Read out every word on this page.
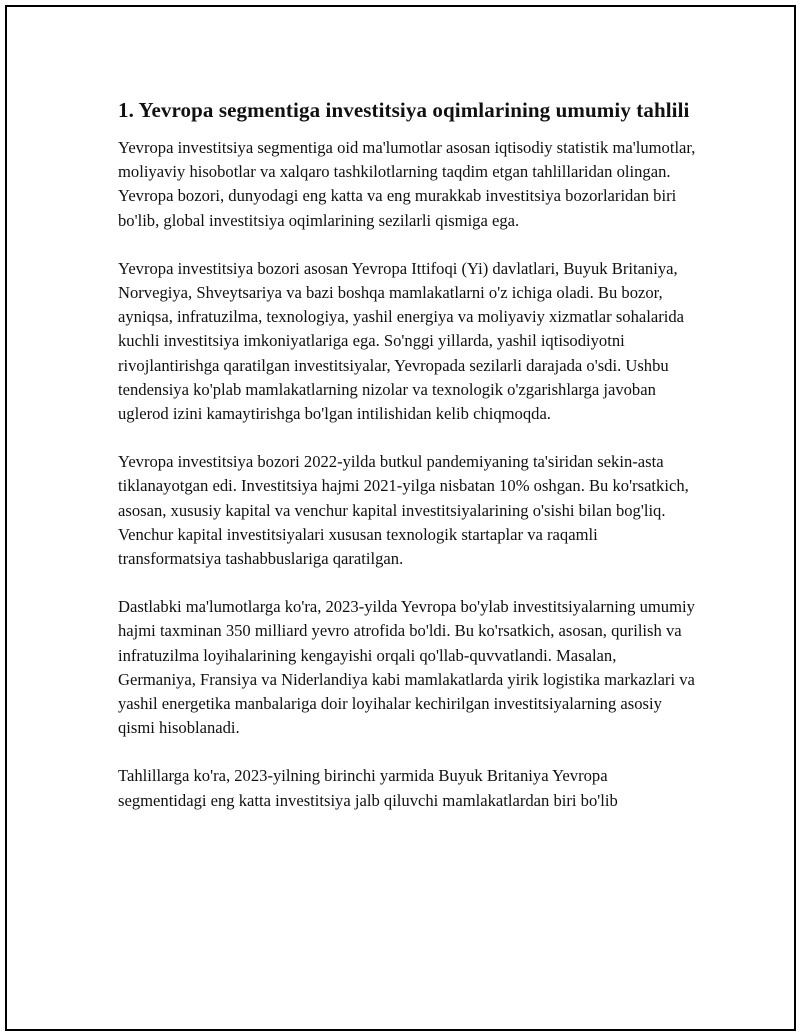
1. Yevropa segmentiga investitsiya oqimlarining umumiy tahlili

Yevropa investitsiya segmentiga oid ma'lumotlar asosan iqtisodiy statistik ma'lumotlar, moliyaviy hisobotlar va xalqaro tashkilotlarning taqdim etgan tahlillaridan olingan. Yevropa bozori, dunyodagi eng katta va eng murakkab investitsiya bozorlaridan biri bo'lib, global investitsiya oqimlarining sezilarli qismiga ega.

Yevropa investitsiya bozori asosan Yevropa Ittifoqi (Yi) davlatlari, Buyuk Britaniya, Norvegiya, Shveytsariya va bazi boshqa mamlakatlarni o'z ichiga oladi. Bu bozor, ayniqsa, infratuzilma, texnologiya, yashil energiya va moliyaviy xizmatlar sohalarida kuchli investitsiya imkoniyatlariga ega. So'nggi yillarda, yashil iqtisodiyotni rivojlantirishga qaratilgan investitsiyalar, Yevropada sezilarli darajada o'sdi. Ushbu tendensiya ko'plab mamlakatlarning nizolar va texnologik o'zgarishlarga javoban uglerod izini kamaytirishga bo'lgan intilishidan kelib chiqmoqda.

Yevropa investitsiya bozori 2022-yilda butkul pandemiyaning ta'siridan sekin-asta tiklanayotgan edi. Investitsiya hajmi 2021-yilga nisbatan 10% oshgan. Bu ko'rsatkich, asosan, xususiy kapital va venchur kapital investitsiyalarining o'sishi bilan bog'liq. Venchur kapital investitsiyalari xususan texnologik startaplar va raqamli transformatsiya tashabbuslariga qaratilgan.

Dastlabki ma'lumotlarga ko'ra, 2023-yilda Yevropa bo'ylab investitsiyalarning umumiy hajmi taxminan 350 milliard yevro atrofida bo'ldi. Bu ko'rsatkich, asosan, qurilish va infratuzilma loyihalarining kengayishi orqali qo'llab-quvvatlandi. Masalan, Germaniya, Fransiya va Niderlandiya kabi mamlakatlarda yirik logistika markazlari va yashil energetika manbalariga doir loyihalar kechirilgan investitsiyalarning asosiy qismi hisoblanadi.

Tahlillarga ko'ra, 2023-yilning birinchi yarmida Buyuk Britaniya Yevropa segmentidagi eng katta investitsiya jalb qiluvchi mamlakatlardan biri bo'lib
